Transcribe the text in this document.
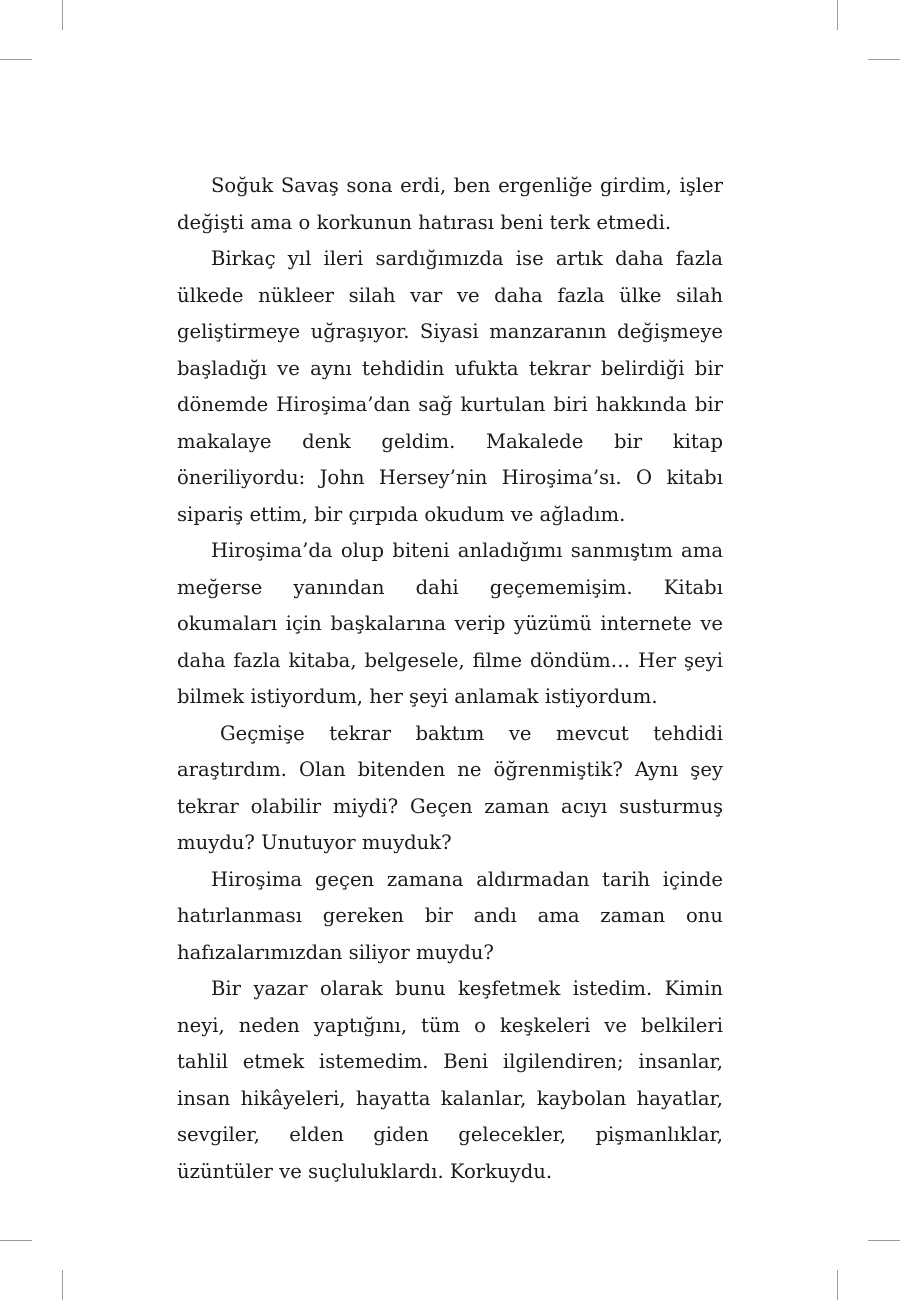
Soğuk Savaş sona erdi, ben ergenliğe girdim, işler değişti ama o korkunun hatırası beni terk etmedi.

Birkaç yıl ileri sardığımızda ise artık daha fazla ülkede nükleer silah var ve daha fazla ülke silah geliştirmeye uğraşıyor. Siyasi manzaranın değişmeye başladığı ve aynı tehdidin ufukta tekrar belirdiği bir dönemde Hiroşima’dan sağ kurtulan biri hakkında bir makalaye denk geldim. Makalede bir kitap öneriliyordu: John Hersey’nin Hiroşima’sı. O kitabı sipariş ettim, bir çırpıda okudum ve ağladım.

Hiroşima’da olup biteni anladığımı sanmıştım ama meğerse yanından dahi geçememişim. Kitabı okumaları için başkalarına verip yüzümü internete ve daha fazla kitaba, belgesele, filme döndüm… Her şeyi bilmek istiyordum, her şeyi anlamak istiyordum.

Geçmişe tekrar baktım ve mevcut tehdidi araştırdım. Olan bitenden ne öğrenmiştik? Aynı şey tekrar olabilir miydi? Geçen zaman acıyı susturmuş muydu? Unutuyor muyduk?

Hiroşima geçen zamana aldırmadan tarih içinde hatırlanması gereken bir andı ama zaman onu hafızalarımızdan siliyor muydu?

Bir yazar olarak bunu keşfetmek istedim. Kimin neyi, neden yaptığını, tüm o keşkeleri ve belkileri tahlil etmek istemedim. Beni ilgilendiren; insanlar, insan hikâyeleri, hayatta kalanlar, kaybolan hayatlar, sevgiler, elden giden gelecekler, pişmanlıklar, üzüntüler ve suçluluklardı. Korkuydu.
